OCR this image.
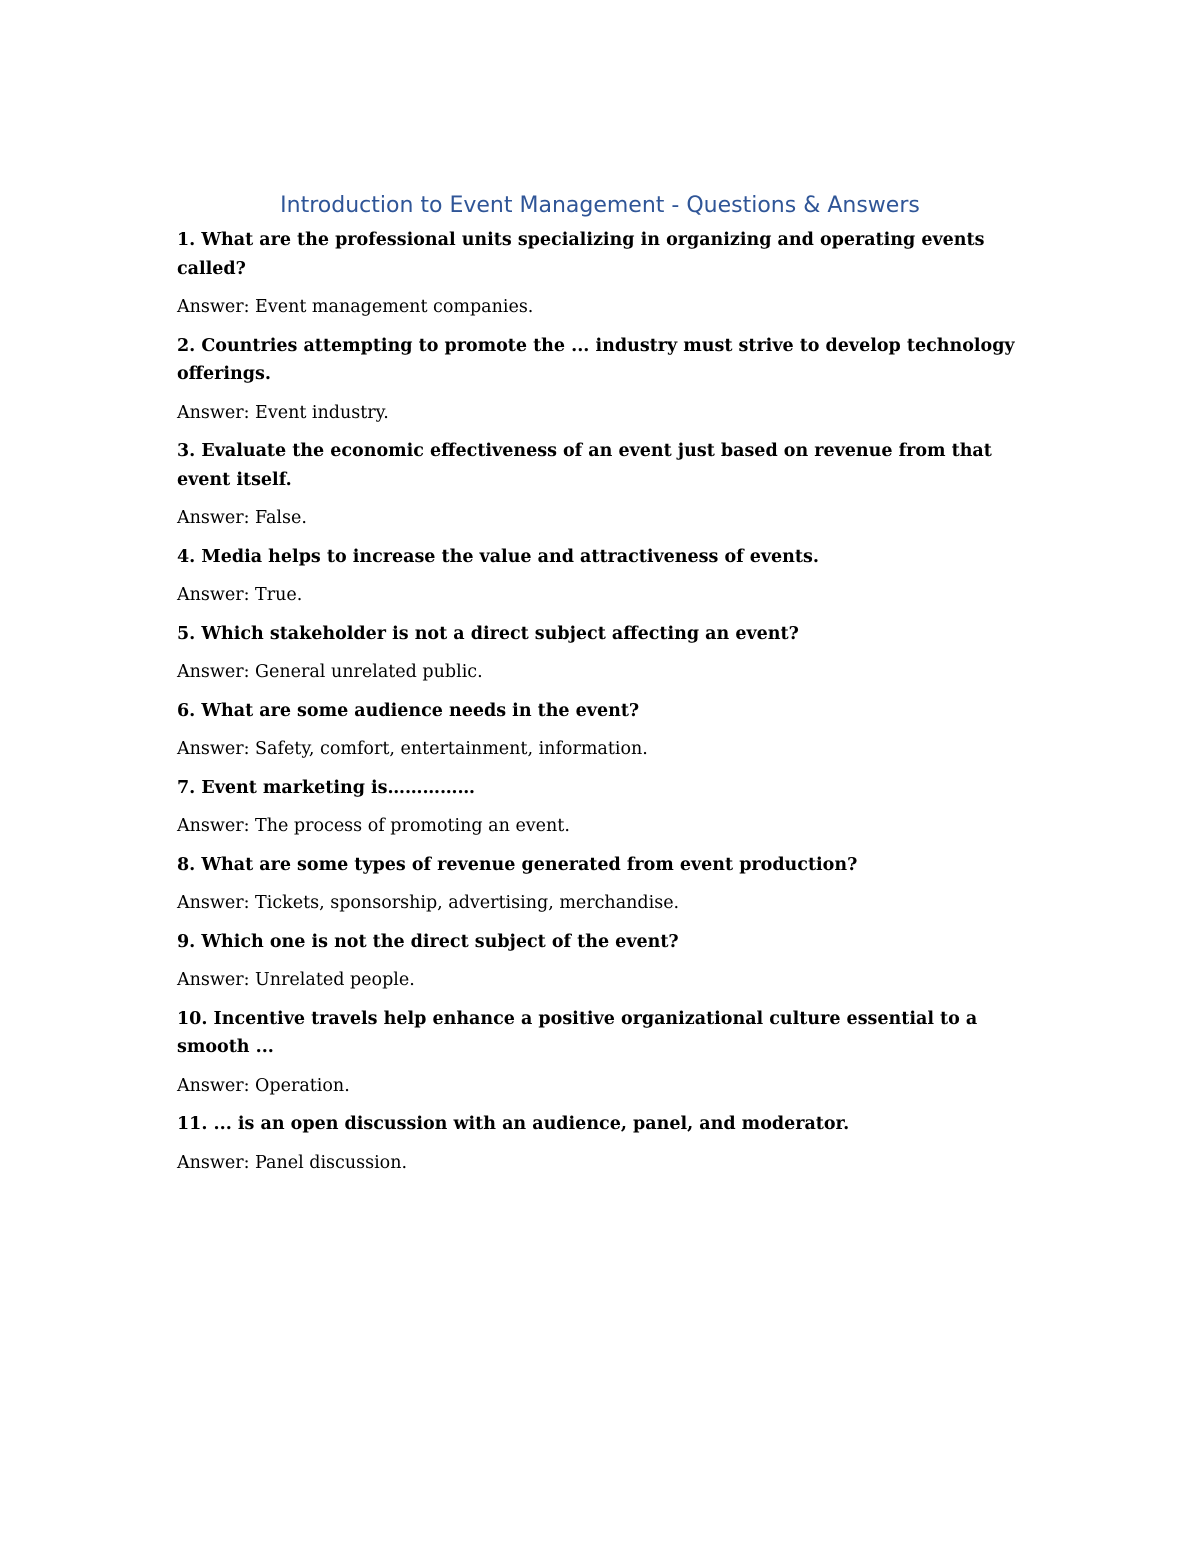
Introduction to Event Management - Questions & Answers

1. What are the professional units specializing in organizing and operating events called?

Answer: Event management companies.

2. Countries attempting to promote the ... industry must strive to develop technology offerings.

Answer: Event industry.

3. Evaluate the economic effectiveness of an event just based on revenue from that event itself.

Answer: False.

4. Media helps to increase the value and attractiveness of events.

Answer: True.

5. Which stakeholder is not a direct subject affecting an event?

Answer: General unrelated public.

6. What are some audience needs in the event?

Answer: Safety, comfort, entertainment, information.

7. Event marketing is……………

Answer: The process of promoting an event.

8. What are some types of revenue generated from event production?

Answer: Tickets, sponsorship, advertising, merchandise.

9. Which one is not the direct subject of the event?

Answer: Unrelated people.

10. Incentive travels help enhance a positive organizational culture essential to a smooth ...

Answer: Operation.

11. ... is an open discussion with an audience, panel, and moderator.

Answer: Panel discussion.
